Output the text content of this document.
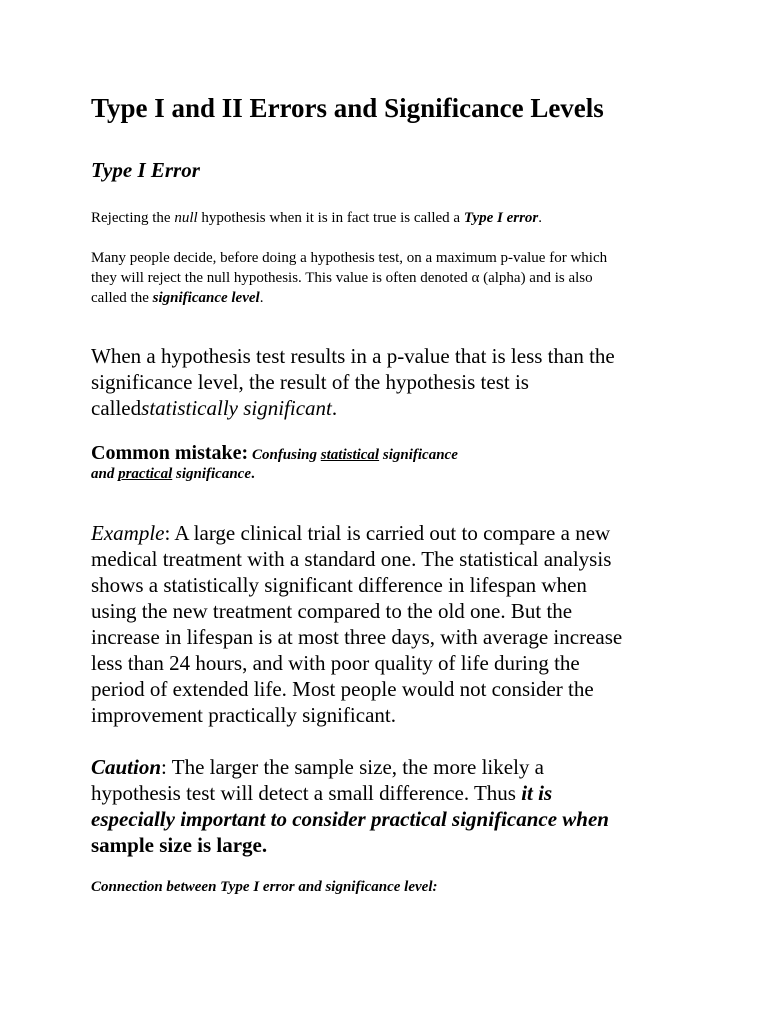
Type I and II Errors and Significance Levels
Type I Error
Rejecting the null hypothesis when it is in fact true is called a Type I error.
Many people decide, before doing a hypothesis test, on a maximum p-value for which
they will reject the null hypothesis. This value is often denoted α (alpha) and is also
called the significance level.
When a hypothesis test results in a p-value that is less than the
significance level, the result of the hypothesis test is
calledstatistically significant.
Common mistake: Confusing statistical significance
and practical significance.
Example: A large clinical trial is carried out to compare a new
medical treatment with a standard one. The statistical analysis
shows a statistically significant difference in lifespan when
using the new treatment compared to the old one. But the
increase in lifespan is at most three days, with average increase
less than 24 hours, and with poor quality of life during the
period of extended life. Most people would not consider the
improvement practically significant.
Caution: The larger the sample size, the more likely a
hypothesis test will detect a small difference. Thus it is
especially important to consider practical significance when
sample size is large.
Connection between Type I error and significance level:
